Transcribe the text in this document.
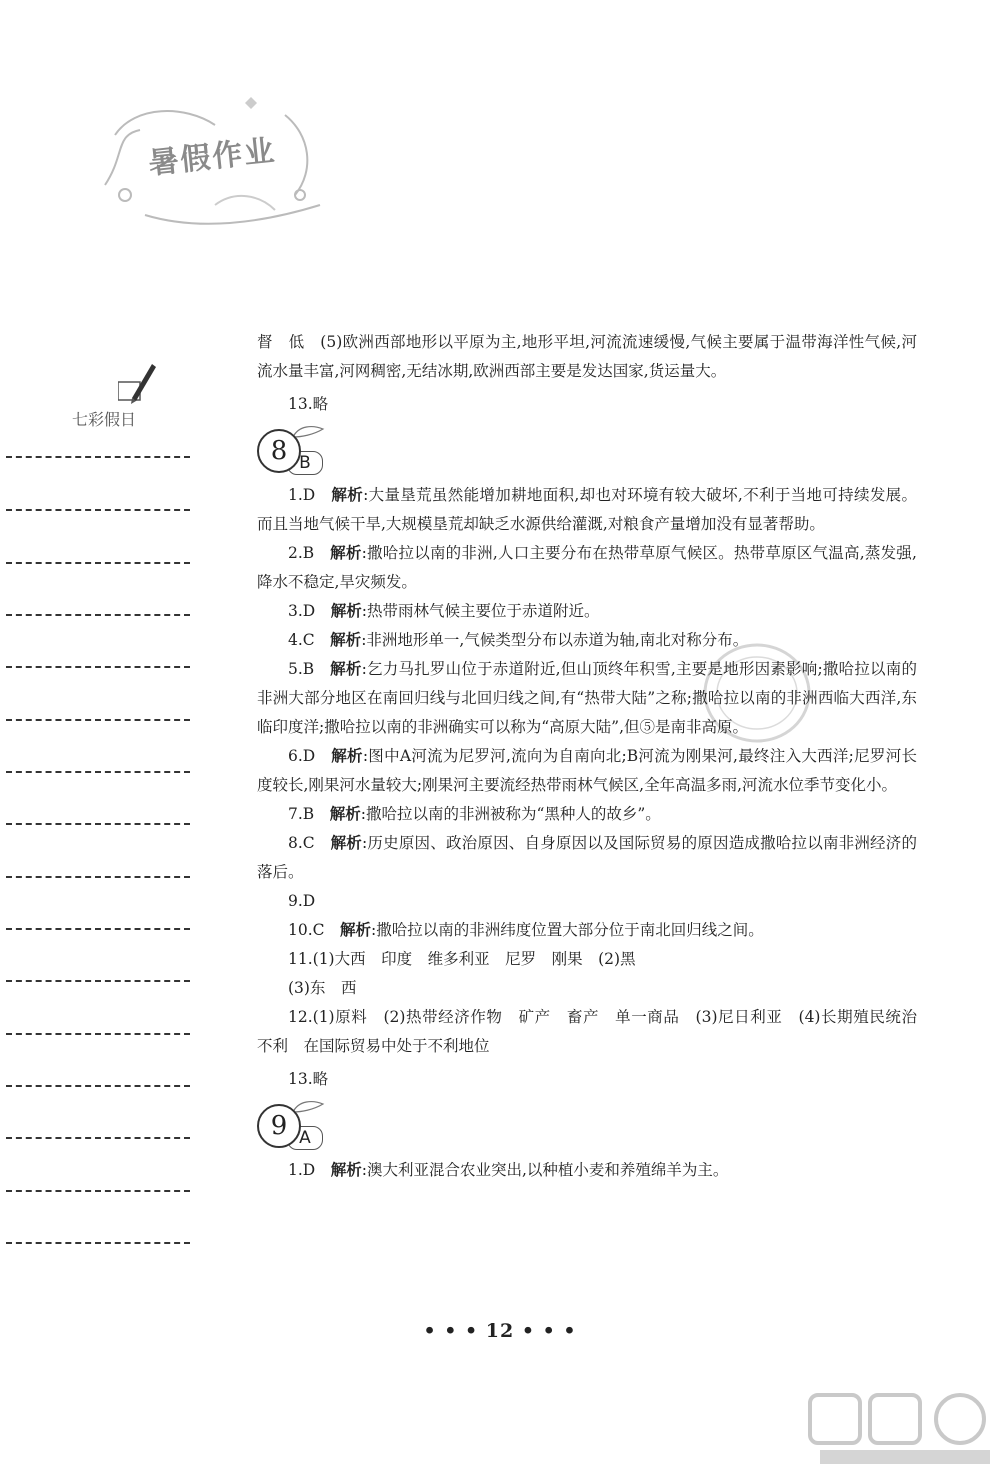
暑假作业
七彩假日

督　低　(5)欧洲西部地形以平原为主,地形平坦,河流流速缓慢,气候主要属于温带海洋性气候,河流水量丰富,河网稠密,无结冰期,欧洲西部主要是发达国家,货运量大。

13.略

B
8

1.D　 解析:大量垦荒虽然能增加耕地面积,却也对环境有较大破坏,不利于当地可持续发展。而且当地气候干旱,大规模垦荒却缺乏水源供给灌溉,对粮食产量增加没有显著帮助。

2.B　 解析:撒哈拉以南的非洲,人口主要分布在热带草原气候区。热带草原区气温高,蒸发强,降水不稳定,旱灾频发。

3.D　 解析:热带雨林气候主要位于赤道附近。

4.C　 解析:非洲地形单一,气候类型分布以赤道为轴,南北对称分布。

5.B　 解析:乞力马扎罗山位于赤道附近,但山顶终年积雪,主要是地形因素影响;撒哈拉以南的非洲大部分地区在南回归线与北回归线之间,有“热带大陆”之称;撒哈拉以南的非洲西临大西洋,东临印度洋;撒哈拉以南的非洲确实可以称为“高原大陆”,但⑤是南非高原。

6.D　 解析:图中A河流为尼罗河,流向为自南向北;B河流为刚果河,最终注入大西洋;尼罗河长度较长,刚果河水量较大;刚果河主要流经热带雨林气候区,全年高温多雨,河流水位季节变化小。

7.B　 解析:撒哈拉以南的非洲被称为“黑种人的故乡”。

8.C　 解析:历史原因、政治原因、自身原因以及国际贸易的原因造成撒哈拉以南非洲经济的落后。

9.D

10.C　 解析:撒哈拉以南的非洲纬度位置大部分位于南北回归线之间。

11.(1)大西　印度　维多利亚　尼罗　刚果　(2)黑

(3)东　西

12.(1)原料　(2)热带经济作物　矿产　畜产　单一商品　(3)尼日利亚　(4)长期殖民统治　不利　在国际贸易中处于不利地位

13.略

A
9

1.D　 解析:澳大利亚混合农业突出,以种植小麦和养殖绵羊为主。

• • • 12 • • •
